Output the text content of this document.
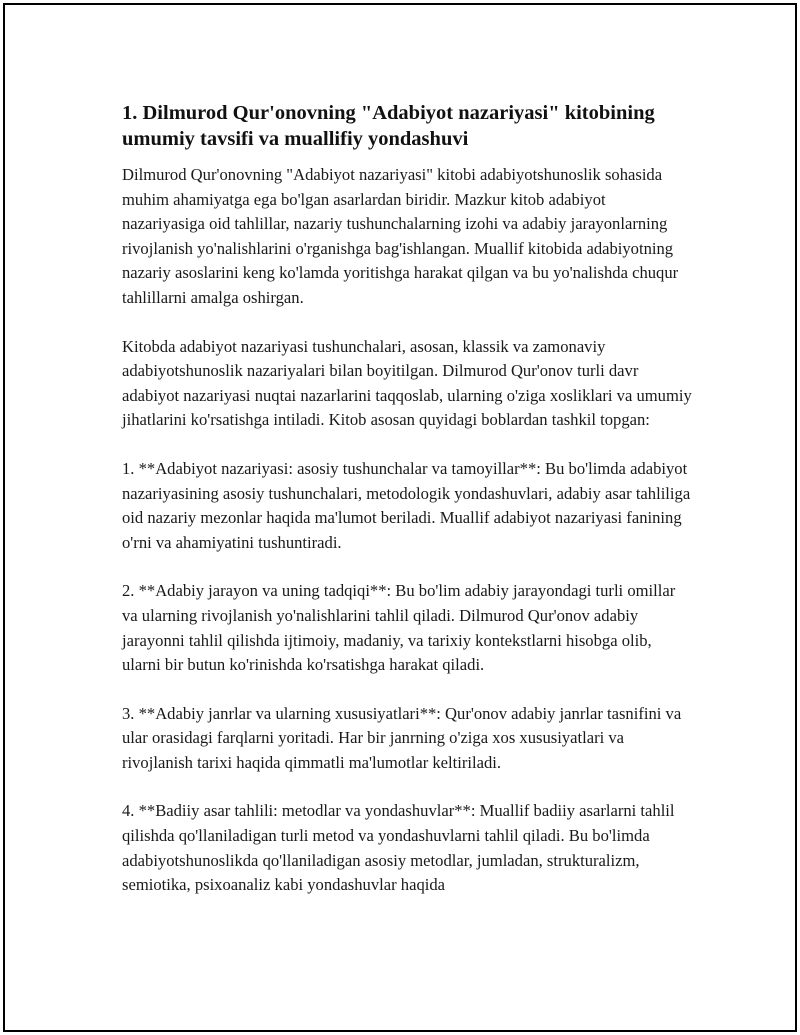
1. Dilmurod Qur'onovning "Adabiyot nazariyasi" kitobining umumiy tavsifi va muallifiy yondashuvi

Dilmurod Qur'onovning "Adabiyot nazariyasi" kitobi adabiyotshunoslik sohasida muhim ahamiyatga ega bo'lgan asarlardan biridir. Mazkur kitob adabiyot nazariyasiga oid tahlillar, nazariy tushunchalarning izohi va adabiy jarayonlarning rivojlanish yo'nalishlarini o'rganishga bag'ishlangan. Muallif kitobida adabiyotning nazariy asoslarini keng ko'lamda yoritishga harakat qilgan va bu yo'nalishda chuqur tahlillarni amalga oshirgan.

Kitobda adabiyot nazariyasi tushunchalari, asosan, klassik va zamonaviy adabiyotshunoslik nazariyalari bilan boyitilgan. Dilmurod Qur'onov turli davr adabiyot nazariyasi nuqtai nazarlarini taqqoslab, ularning o'ziga xosliklari va umumiy jihatlarini ko'rsatishga intiladi. Kitob asosan quyidagi boblardan tashkil topgan:

1. **Adabiyot nazariyasi: asosiy tushunchalar va tamoyillar**: Bu bo'limda adabiyot nazariyasining asosiy tushunchalari, metodologik yondashuvlari, adabiy asar tahliliga oid nazariy mezonlar haqida ma'lumot beriladi. Muallif adabiyot nazariyasi fanining o'rni va ahamiyatini tushuntiradi.

2. **Adabiy jarayon va uning tadqiqi**: Bu bo'lim adabiy jarayondagi turli omillar va ularning rivojlanish yo'nalishlarini tahlil qiladi. Dilmurod Qur'onov adabiy jarayonni tahlil qilishda ijtimoiy, madaniy, va tarixiy kontekstlarni hisobga olib, ularni bir butun ko'rinishda ko'rsatishga harakat qiladi.

3. **Adabiy janrlar va ularning xususiyatlari**: Qur'onov adabiy janrlar tasnifini va ular orasidagi farqlarni yoritadi. Har bir janrning o'ziga xos xususiyatlari va rivojlanish tarixi haqida qimmatli ma'lumotlar keltiriladi.

4. **Badiiy asar tahlili: metodlar va yondashuvlar**: Muallif badiiy asarlarni tahlil qilishda qo'llaniladigan turli metod va yondashuvlarni tahlil qiladi. Bu bo'limda adabiyotshunoslikda qo'llaniladigan asosiy metodlar, jumladan, strukturalizm, semiotika, psixoanaliz kabi yondashuvlar haqida
